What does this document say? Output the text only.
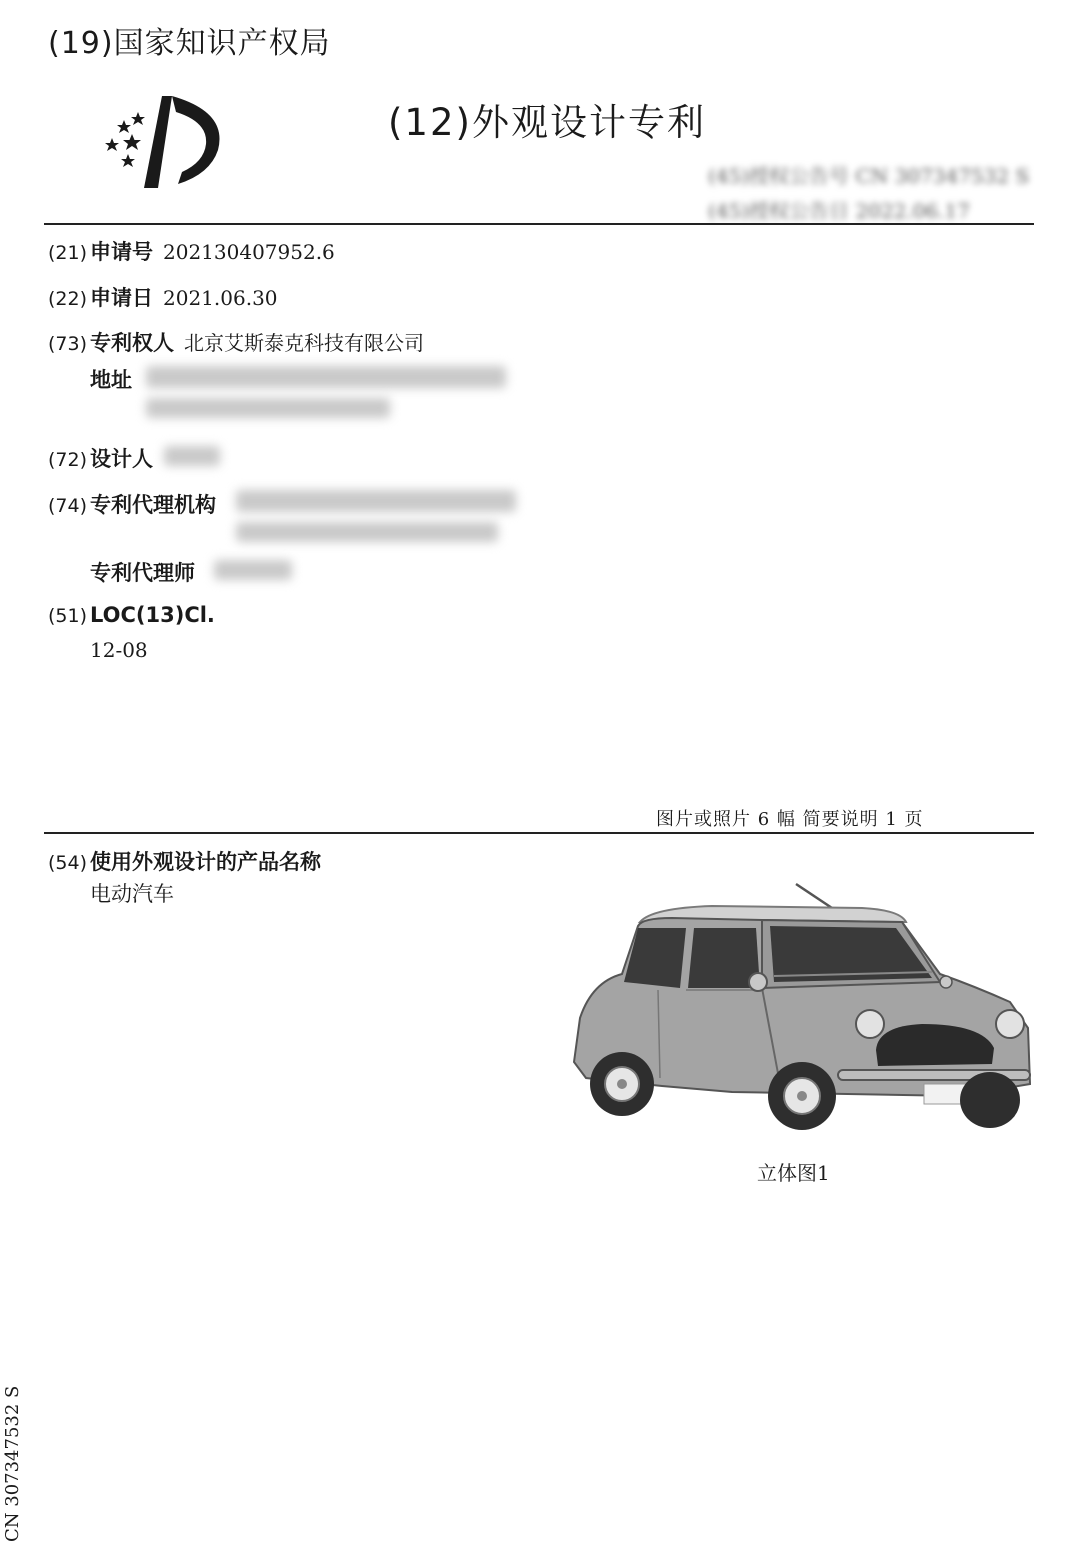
(19)国家知识产权局
(12)外观设计专利
(45)授权公告号 CN 307347532 S
(45)授权公告日 2022.06.17
(21) 申请号 202130407952.6
(22) 申请日 2021.06.30
(73) 专利权人 北京艾斯泰克科技有限公司
地址
(72) 设计人
(74) 专利代理机构
专利代理师
(51) LOC(13)Cl.
12-08
图片或照片 6 幅 简要说明 1 页
(54) 使用外观设计的产品名称
电动汽车
立体图1
CN 307347532 S
